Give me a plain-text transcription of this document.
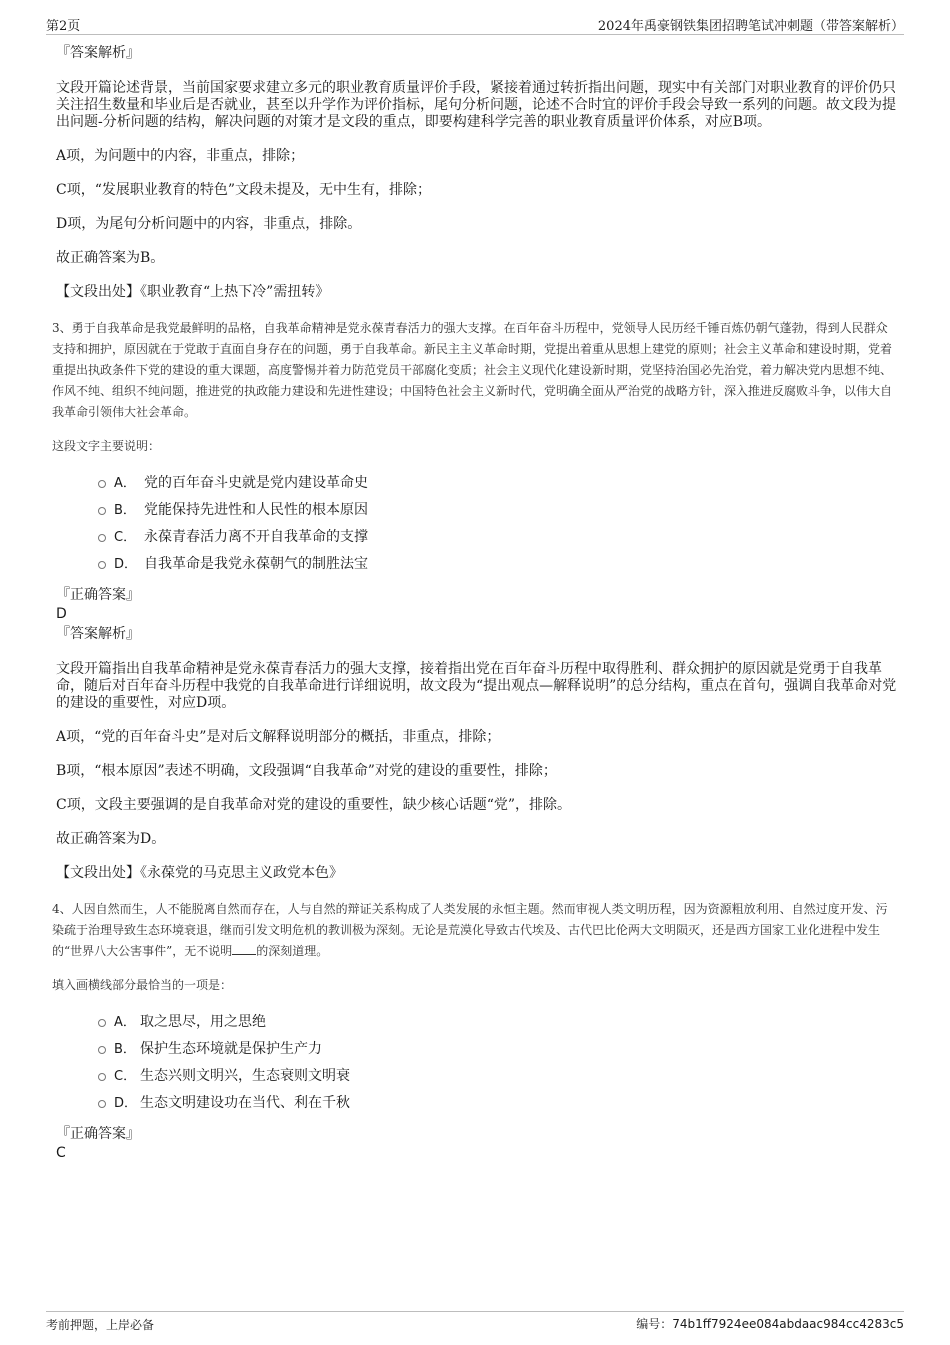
第2页	2024年禹豪钢铁集团招聘笔试冲刺题（带答案解析）
『答案解析』
文段开篇论述背景，当前国家要求建立多元的职业教育质量评价手段，紧接着通过转折指出问题，现实中有关部门对职业教育的评价仍只关注招生数量和毕业后是否就业，甚至以升学作为评价指标，尾句分析问题，论述不合时宜的评价手段会导致一系列的问题。故文段为提出问题-分析问题的结构，解决问题的对策才是文段的重点，即要构建科学完善的职业教育质量评价体系，对应B项。
A项，为问题中的内容，非重点，排除；
C项，“发展职业教育的特色”文段未提及，无中生有，排除；
D项，为尾句分析问题中的内容，非重点，排除。
故正确答案为B。
【文段出处】《职业教育“上热下冷”需扭转》
3、勇于自我革命是我党最鲜明的品格，自我革命精神是党永葆青春活力的强大支撑。在百年奋斗历程中，党领导人民历经千锤百炼仍朝气蓬勃，得到人民群众支持和拥护，原因就在于党敢于直面自身存在的问题，勇于自我革命。新民主主义革命时期，党提出着重从思想上建党的原则；社会主义革命和建设时期，党着重提出执政条件下党的建设的重大课题，高度警惕并着力防范党员干部腐化变质；社会主义现代化建设新时期，党坚持治国必先治党，着力解决党内思想不纯、作风不纯、组织不纯问题，推进党的执政能力建设和先进性建设；中国特色社会主义新时代，党明确全面从严治党的战略方针，深入推进反腐败斗争，以伟大自我革命引领伟大社会革命。
这段文字主要说明：
A． 党的百年奋斗史就是党内建设革命史
B． 党能保持先进性和人民性的根本原因
C． 永葆青春活力离不开自我革命的支撑
D． 自我革命是我党永葆朝气的制胜法宝
『正确答案』
D
『答案解析』
文段开篇指出自我革命精神是党永葆青春活力的强大支撑，接着指出党在百年奋斗历程中取得胜利、群众拥护的原因就是党勇于自我革命，随后对百年奋斗历程中我党的自我革命进行详细说明，故文段为“提出观点—解释说明”的总分结构，重点在首句，强调自我革命对党的建设的重要性，对应D项。
A项，“党的百年奋斗史”是对后文解释说明部分的概括，非重点，排除；
B项，“根本原因”表述不明确，文段强调“自我革命”对党的建设的重要性，排除；
C项，文段主要强调的是自我革命对党的建设的重要性，缺少核心话题“党”，排除。
故正确答案为D。
【文段出处】《永葆党的马克思主义政党本色》
4、人因自然而生，人不能脱离自然而存在，人与自然的辩证关系构成了人类发展的永恒主题。然而审视人类文明历程，因为资源粗放利用、自然过度开发、污染疏于治理导致生态环境衰退，继而引发文明危机的教训极为深刻。无论是荒漠化导致古代埃及、古代巴比伦两大文明陨灭，还是西方国家工业化进程中发生的“世界八大公害事件”，无不说明 的深刻道理。
填入画横线部分最恰当的一项是：
A． 取之思尽，用之思绝
B． 保护生态环境就是保护生产力
C． 生态兴则文明兴，生态衰则文明衰
D． 生态文明建设功在当代、利在千秋
『正确答案』
C
考前押题，上岸必备	编号：74b1ff7924ee084abdaac984cc4283c5
